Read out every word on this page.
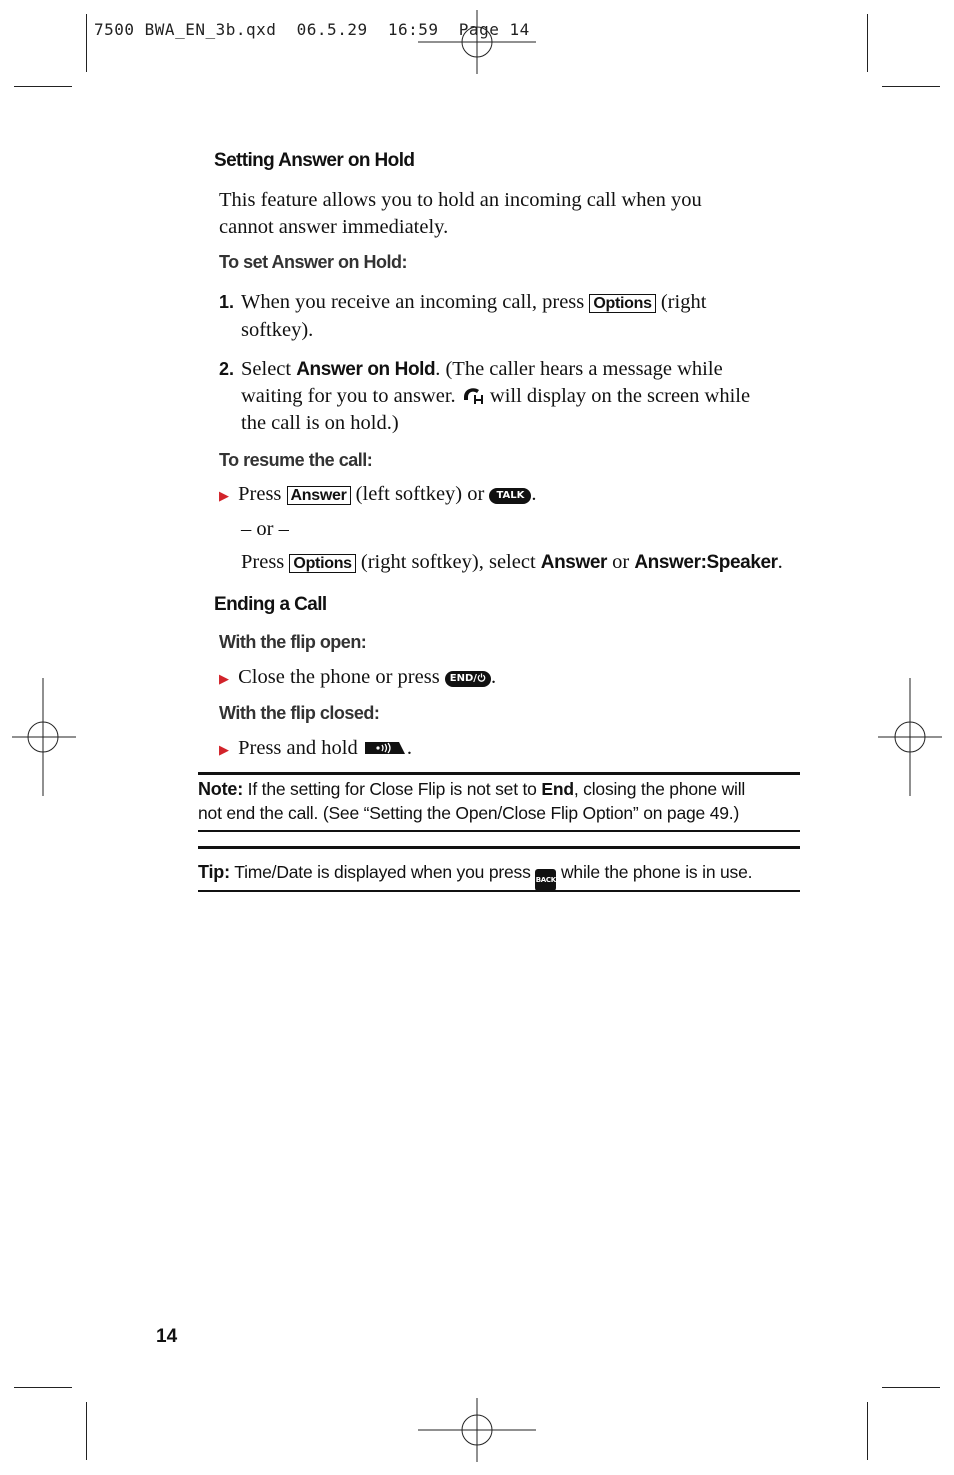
7500 BWA_EN_3b.qxd 06.5.29 16:59 Page 14
Setting Answer on Hold
This feature allows you to hold an incoming call when you
cannot answer immediately.
To set Answer on Hold:
1. When you receive an incoming call, press Options (right
softkey).
2. Select Answer on Hold. (The caller hears a message while
waiting for you to answer. will display on the screen while
the call is on hold.)
To resume the call:
▶ Press Answer (left softkey) or TALK .
– or –
Press Options (right softkey), select Answer or Answer:Speaker.
Ending a Call
With the flip open:
▶ Close the phone or press END/ .
With the flip closed:
▶ Press and hold .
Note: If the setting for Close Flip is not set to End, closing the phone will
not end the call. (See “Setting the Open/Close Flip Option” on page 49.)
Tip: Time/Date is displayed when you press BACK while the phone is in use.
14
